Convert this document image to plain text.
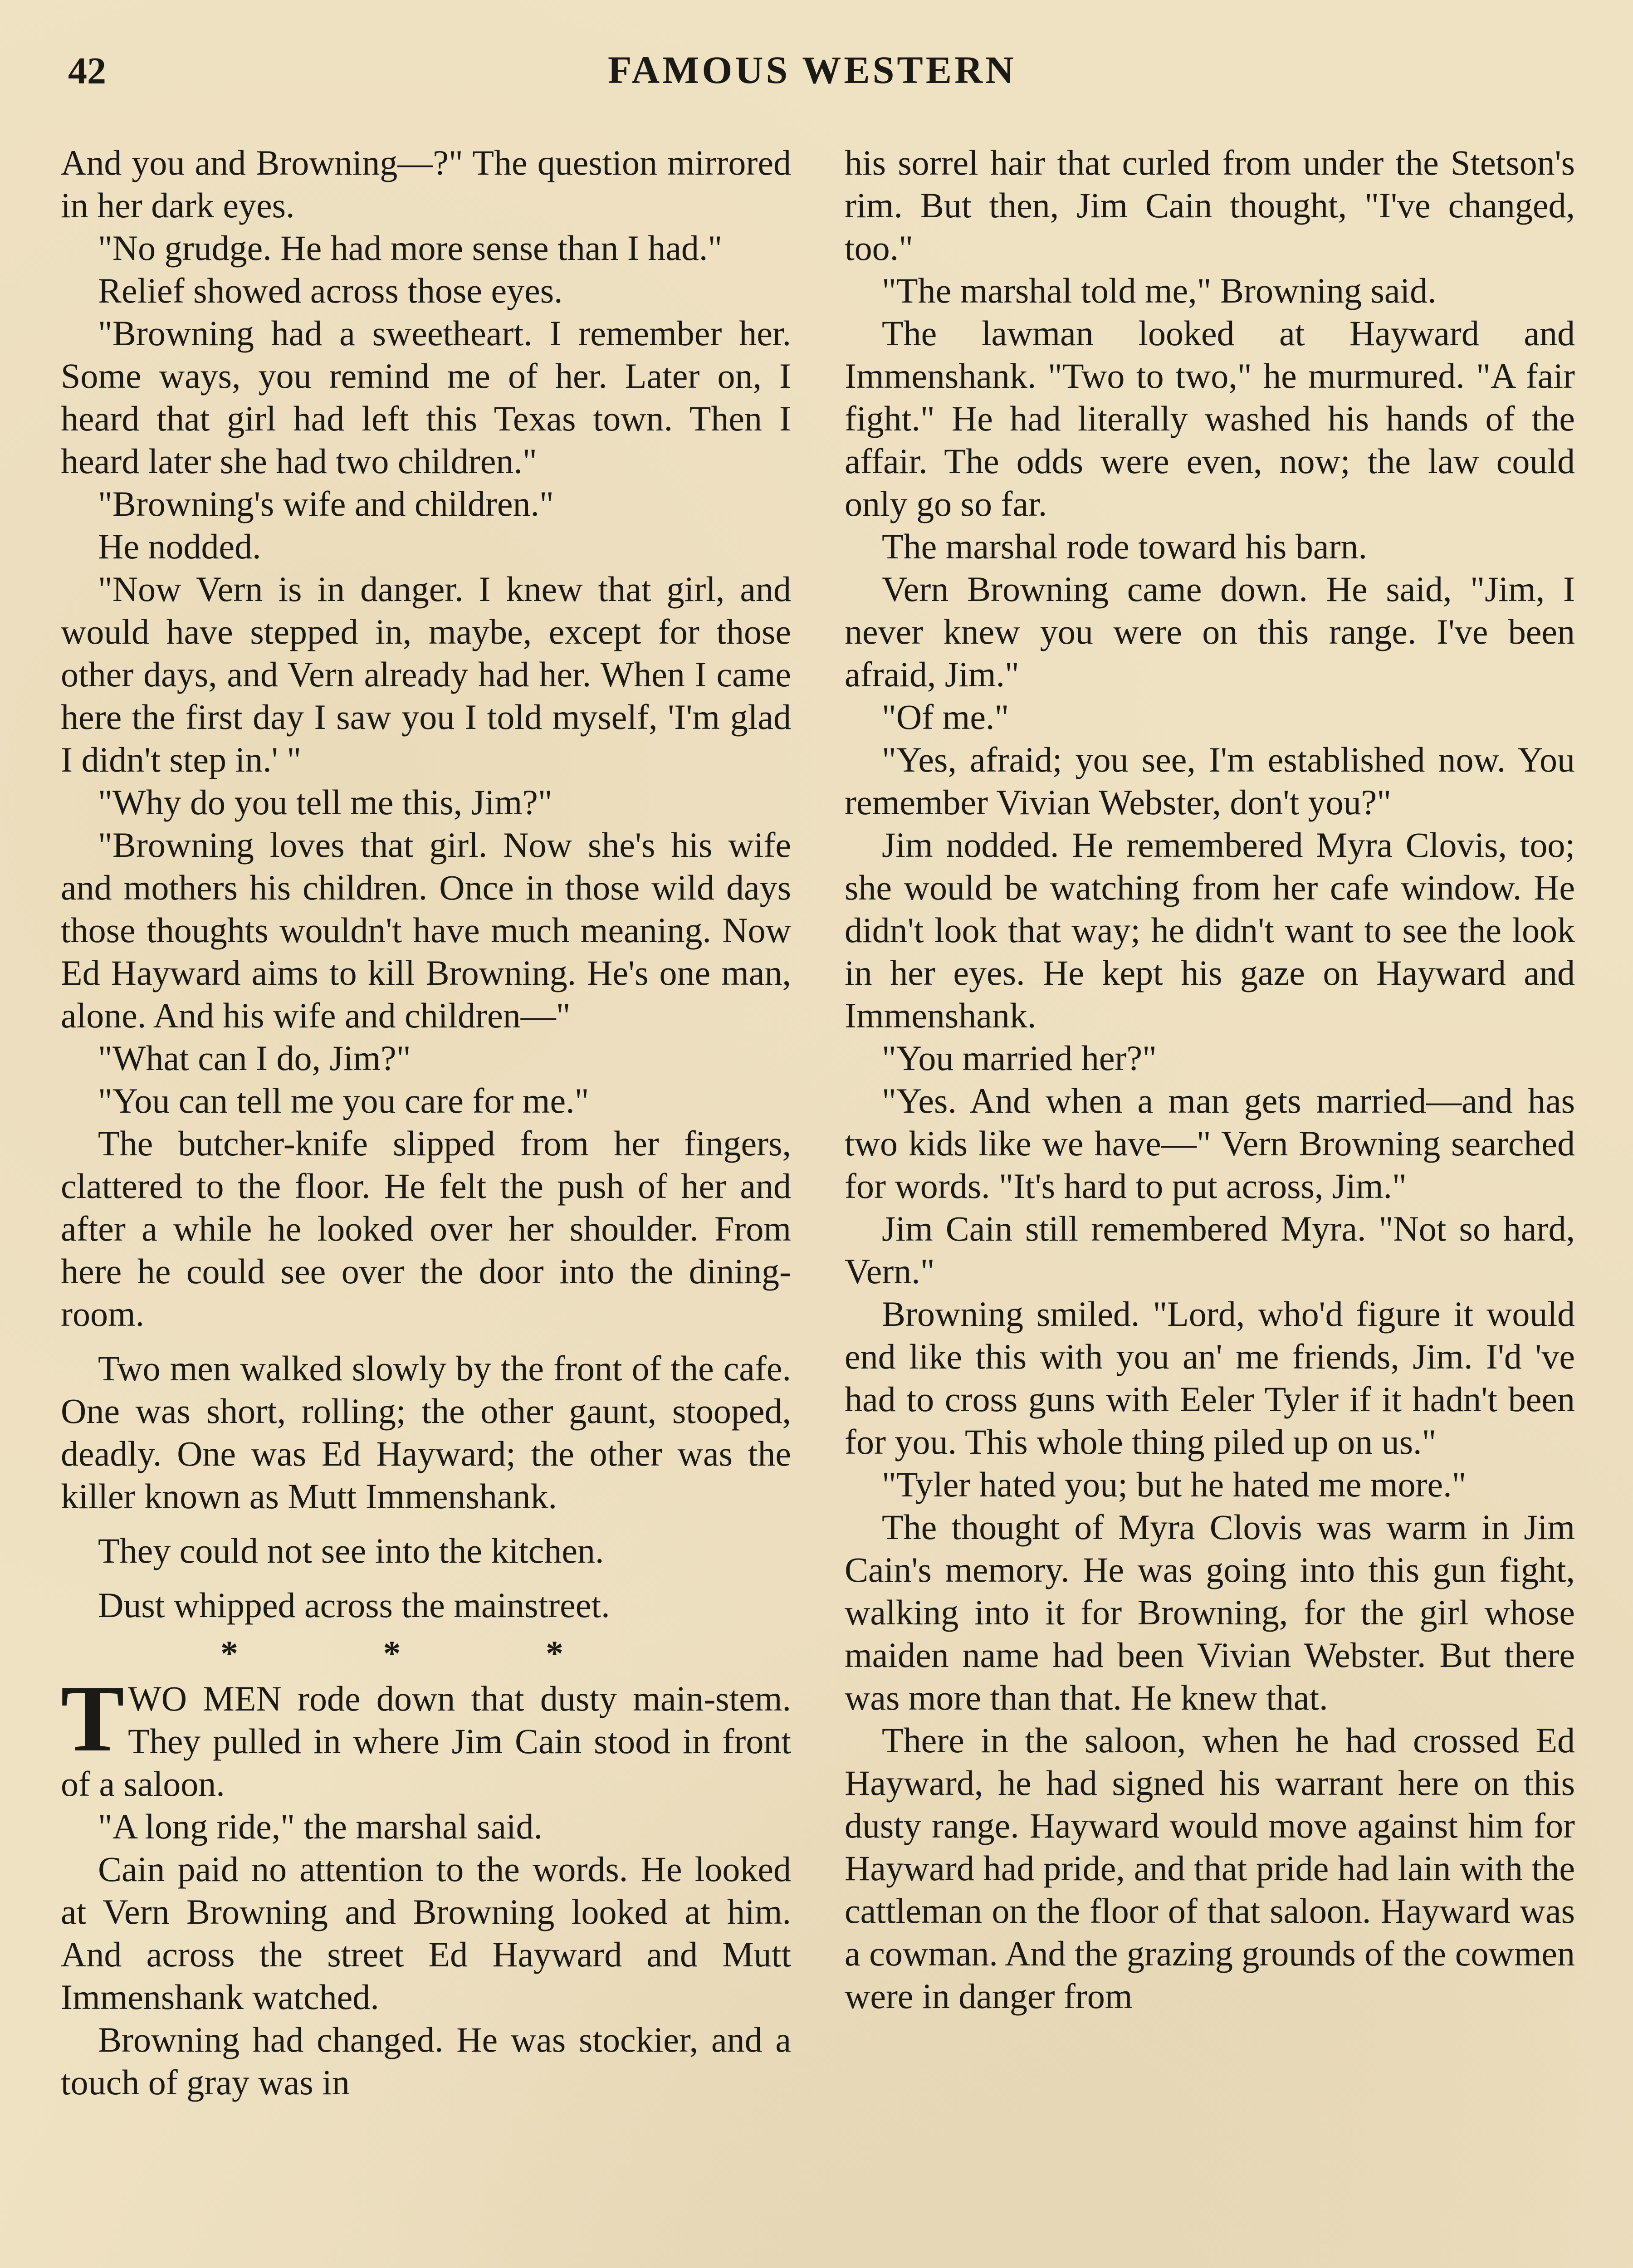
42	FAMOUS WESTERN

And you and Browning—?" The question mirrored in her dark eyes.

"No grudge. He had more sense than I had."

Relief showed across those eyes.

"Browning had a sweetheart. I remember her. Some ways, you remind me of her. Later on, I heard that girl had left this Texas town. Then I heard later she had two children."

"Browning's wife and children."

He nodded.

"Now Vern is in danger. I knew that girl, and would have stepped in, maybe, except for those other days, and Vern already had her. When I came here the first day I saw you I told myself, 'I'm glad I didn't step in.' "

"Why do you tell me this, Jim?"

"Browning loves that girl. Now she's his wife and mothers his children. Once in those wild days those thoughts wouldn't have much meaning. Now Ed Hayward aims to kill Browning. He's one man, alone. And his wife and children—"

"What can I do, Jim?"

"You can tell me you care for me."

The butcher-knife slipped from her fingers, clattered to the floor. He felt the push of her and after a while he looked over her shoulder. From here he could see over the door into the dining-room.

Two men walked slowly by the front of the cafe. One was short, rolling; the other gaunt, stooped, deadly. One was Ed Hayward; the other was the killer known as Mutt Immenshank.

They could not see into the kitchen.

Dust whipped across the mainstreet.

* * *

TWO MEN rode down that dusty main-stem. They pulled in where Jim Cain stood in front of a saloon.

"A long ride," the marshal said.

Cain paid no attention to the words. He looked at Vern Browning and Browning looked at him. And across the street Ed Hayward and Mutt Immenshank watched.

Browning had changed. He was stockier, and a touch of gray was in

his sorrel hair that curled from under the Stetson's rim. But then, Jim Cain thought, "I've changed, too."

"The marshal told me," Browning said.

The lawman looked at Hayward and Immenshank. "Two to two," he murmured. "A fair fight." He had literally washed his hands of the affair. The odds were even, now; the law could only go so far.

The marshal rode toward his barn.

Vern Browning came down. He said, "Jim, I never knew you were on this range. I've been afraid, Jim."

"Of me."

"Yes, afraid; you see, I'm established now. You remember Vivian Webster, don't you?"

Jim nodded. He remembered Myra Clovis, too; she would be watching from her cafe window. He didn't look that way; he didn't want to see the look in her eyes. He kept his gaze on Hayward and Immenshank.

"You married her?"

"Yes. And when a man gets married—and has two kids like we have—" Vern Browning searched for words. "It's hard to put across, Jim."

Jim Cain still remembered Myra. "Not so hard, Vern."

Browning smiled. "Lord, who'd figure it would end like this with you an' me friends, Jim. I'd 've had to cross guns with Eeler Tyler if it hadn't been for you. This whole thing piled up on us."

"Tyler hated you; but he hated me more."

The thought of Myra Clovis was warm in Jim Cain's memory. He was going into this gun fight, walking into it for Browning, for the girl whose maiden name had been Vivian Webster. But there was more than that. He knew that.

There in the saloon, when he had crossed Ed Hayward, he had signed his warrant here on this dusty range. Hayward would move against him for Hayward had pride, and that pride had lain with the cattleman on the floor of that saloon. Hayward was a cowman. And the grazing grounds of the cowmen were in danger from
